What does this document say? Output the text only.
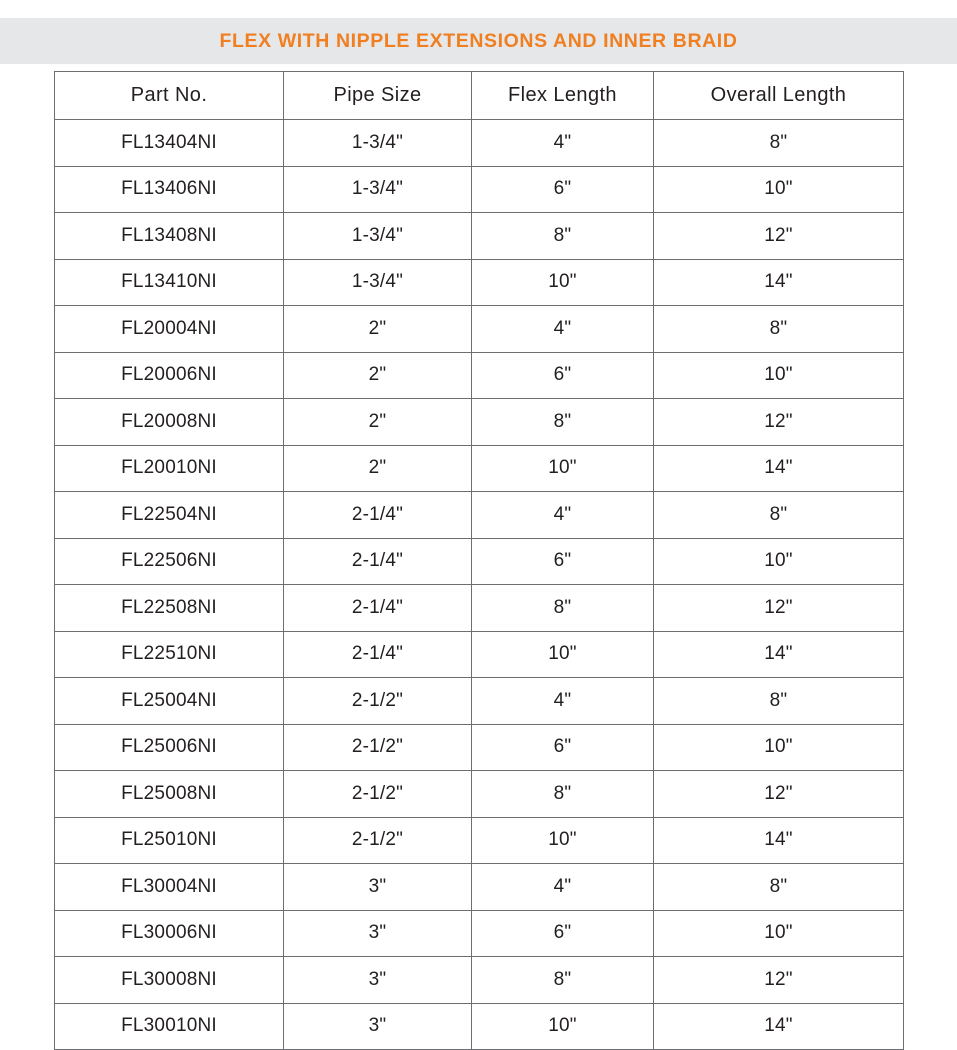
FLEX WITH NIPPLE EXTENSIONS AND INNER BRAID
Part No.	Pipe Size	Flex Length	Overall Length
FL13404NI	1-3/4"	4"	8"
FL13406NI	1-3/4"	6"	10"
FL13408NI	1-3/4"	8"	12"
FL13410NI	1-3/4"	10"	14"
FL20004NI	2"	4"	8"
FL20006NI	2"	6"	10"
FL20008NI	2"	8"	12"
FL20010NI	2"	10"	14"
FL22504NI	2-1/4"	4"	8"
FL22506NI	2-1/4"	6"	10"
FL22508NI	2-1/4"	8"	12"
FL22510NI	2-1/4"	10"	14"
FL25004NI	2-1/2"	4"	8"
FL25006NI	2-1/2"	6"	10"
FL25008NI	2-1/2"	8"	12"
FL25010NI	2-1/2"	10"	14"
FL30004NI	3"	4"	8"
FL30006NI	3"	6"	10"
FL30008NI	3"	8"	12"
FL30010NI	3"	10"	14"
